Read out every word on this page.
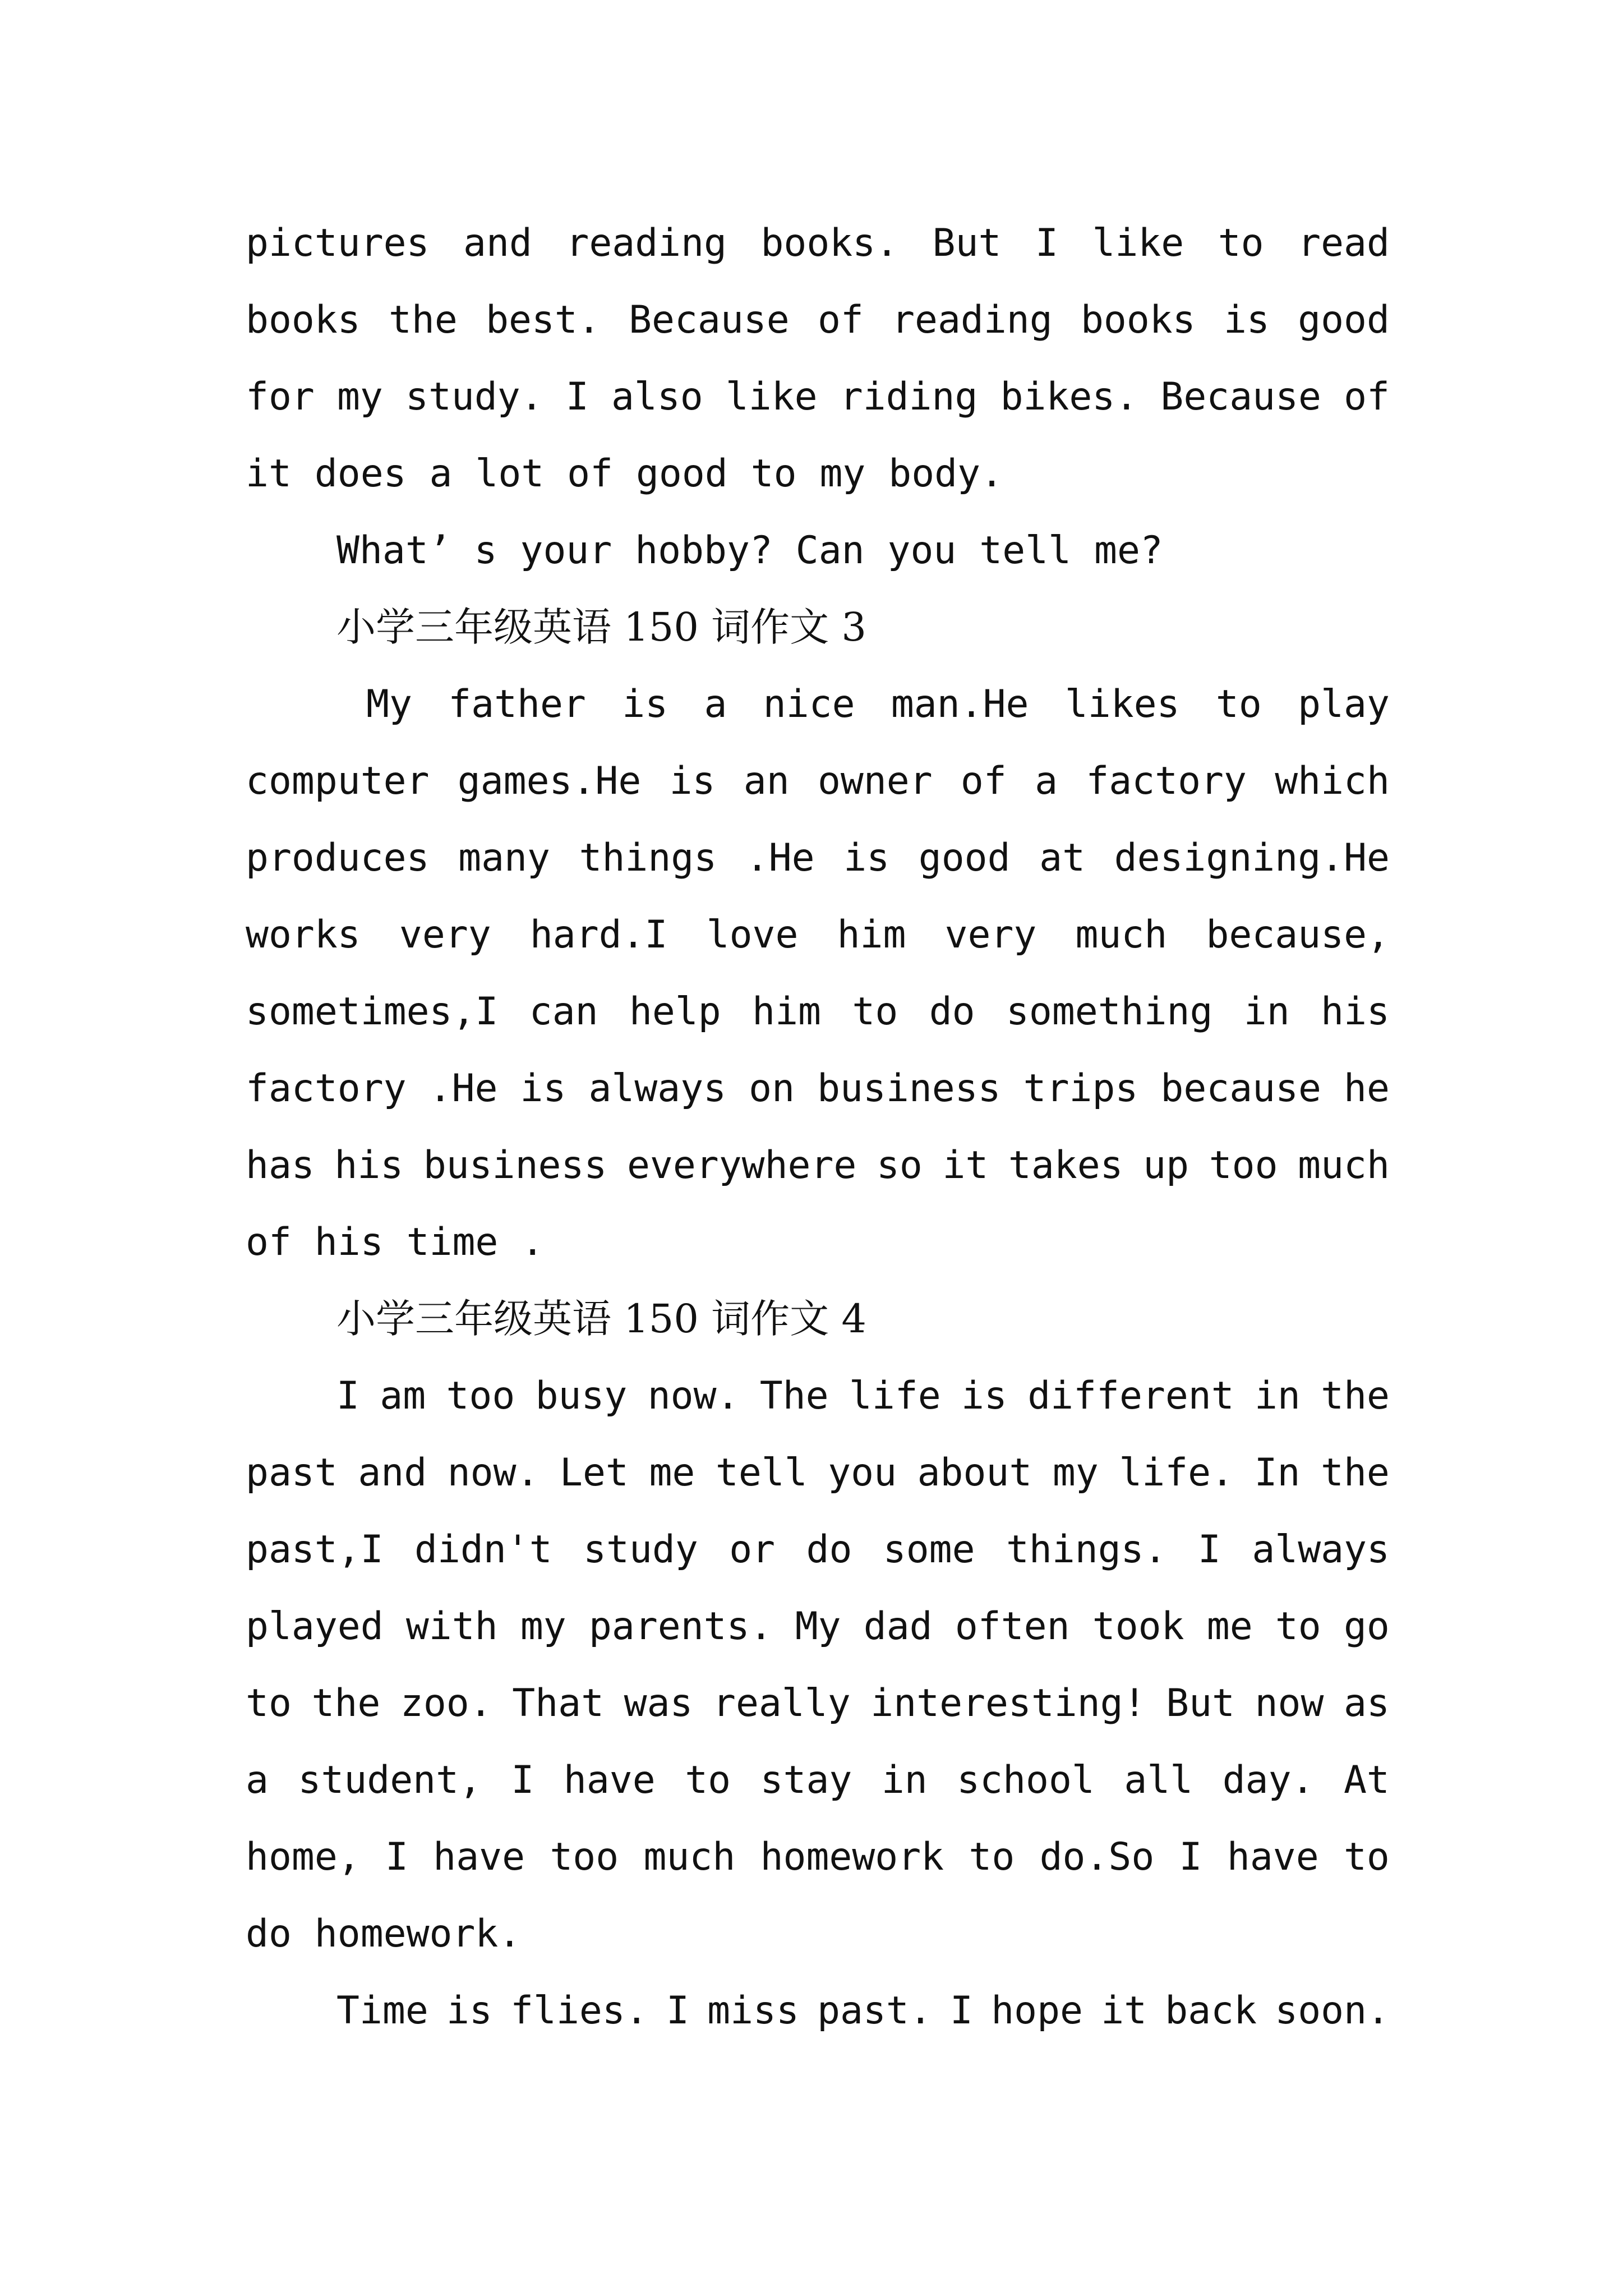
pictures and reading books. But I like to read
books the best. Because of reading books is good
for my study. I also like riding bikes. Because of
it does a lot of good to my body.
What’ s your hobby? Can you tell me?
小学三年级英语 150 词作文 3
My father is a nice man.He likes to play
computer games.He is an owner of a factory which
produces many things .He is good at designing.He
works very hard.I love him very much because,
sometimes,I can help him to do something in his
factory .He is always on business trips because he
has his business everywhere so it takes up too much
of his time .
小学三年级英语 150 词作文 4
I am too busy now. The life is different in the
past and now. Let me tell you about my life. In the
past,I didn't study or do some things. I always
played with my parents. My dad often took me to go
to the zoo. That was really interesting! But now as
a student, I have to stay in school all day. At
home, I have too much homework to do.So I have to
do homework.
Time is flies. I miss past. I hope it back soon.
